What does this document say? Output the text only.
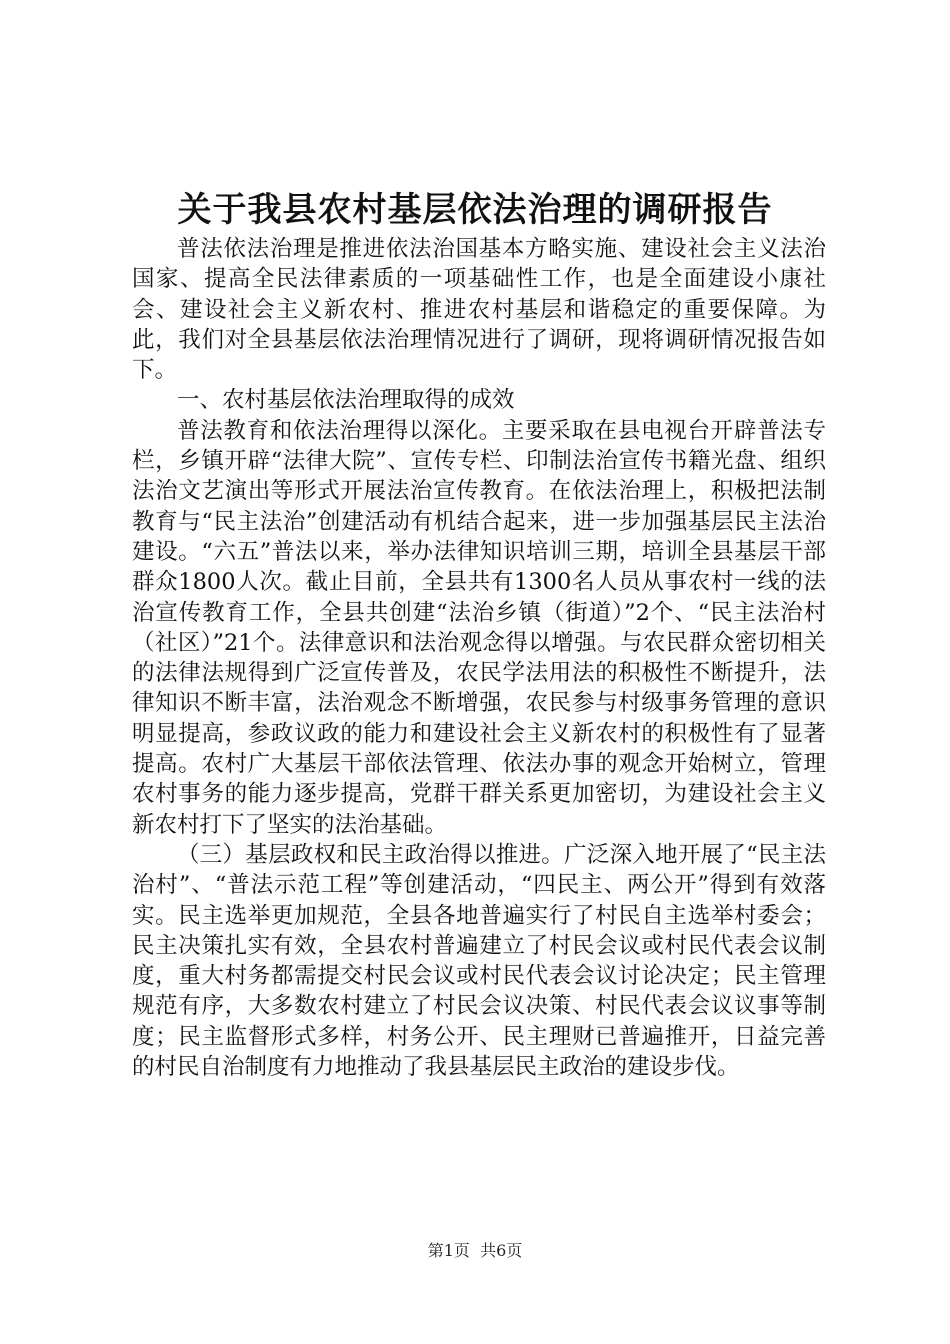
关于我县农村基层依法治理的调研报告

普法依法治理是推进依法治国基本方略实施、建设社会主义法治国家、提高全民法律素质的一项基础性工作，也是全面建设小康社会、建设社会主义新农村、推进农村基层和谐稳定的重要保障。为此，我们对全县基层依法治理情况进行了调研，现将调研情况报告如下。

一、农村基层依法治理取得的成效

普法教育和依法治理得以深化。主要采取在县电视台开辟普法专栏，乡镇开辟“法律大院”、宣传专栏、印制法治宣传书籍光盘、组织法治文艺演出等形式开展法治宣传教育。在依法治理上，积极把法制教育与“民主法治”创建活动有机结合起来，进一步加强基层民主法治建设。“六五”普法以来，举办法律知识培训三期，培训全县基层干部群众1800人次。截止目前，全县共有1300名人员从事农村一线的法治宣传教育工作，全县共创建“法治乡镇（街道）”2个、“民主法治村（社区）”21个。法律意识和法治观念得以增强。与农民群众密切相关的法律法规得到广泛宣传普及，农民学法用法的积极性不断提升，法律知识不断丰富，法治观念不断增强，农民参与村级事务管理的意识明显提高，参政议政的能力和建设社会主义新农村的积极性有了显著提高。农村广大基层干部依法管理、依法办事的观念开始树立，管理农村事务的能力逐步提高，党群干群关系更加密切，为建设社会主义新农村打下了坚实的法治基础。

（三）基层政权和民主政治得以推进。广泛深入地开展了“民主法治村”、“普法示范工程”等创建活动，“四民主、两公开”得到有效落实。民主选举更加规范，全县各地普遍实行了村民自主选举村委会；民主决策扎实有效，全县农村普遍建立了村民会议或村民代表会议制度，重大村务都需提交村民会议或村民代表会议讨论决定；民主管理规范有序，大多数农村建立了村民会议决策、村民代表会议议事等制度；民主监督形式多样，村务公开、民主理财已普遍推开，日益完善的村民自治制度有力地推动了我县基层民主政治的建设步伐。

第1页 共6页
